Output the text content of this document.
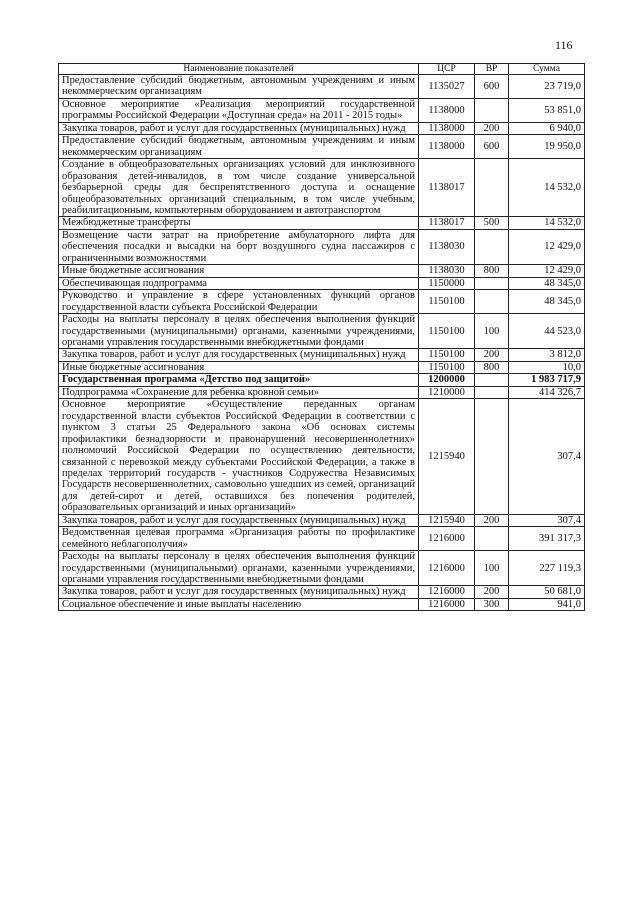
116
Наименование показателей	ЦСР	ВР	Сумма
Предоставление субсидий бюджетным, автономным учреждениям и иным некоммерческим организациям	1135027	600	23 719,0
Основное мероприятие «Реализация мероприятий государственной программы Российской Федерации «Доступная среда» на 2011 - 2015 годы»	1138000		53 851,0
Закупка товаров, работ и услуг для государственных (муниципальных) нужд	1138000	200	6 940,0
Предоставление субсидий бюджетным, автономным учреждениям и иным некоммерческим организациям	1138000	600	19 950,0
Создание в общеобразовательных организациях условий для инклюзивного образования детей-инвалидов, в том числе создание универсальной безбарьерной среды для беспрепятственного доступа и оснащение общеобразовательных организаций специальным, в том числе учебным, реабилитационным, компьютерным оборудованием и автотранспортом	1138017		14 532,0
Межбюджетные трансферты	1138017	500	14 532,0
Возмещение части затрат на приобретение амбулаторного лифта для обеспечения посадки и высадки на борт воздушного судна пассажиров с ограниченными возможностями	1138030		12 429,0
Иные бюджетные ассигнования	1138030	800	12 429,0
Обеспечивающая подпрограмма	1150000		48 345,0
Руководство и управление в сфере установленных функций органов государственной власти субъекта Российской Федерации	1150100		48 345,0
Расходы на выплаты персоналу в целях обеспечения выполнения функций государственными (муниципальными) органами, казенными учреждениями, органами управления государственными внебюджетными фондами	1150100	100	44 523,0
Закупка товаров, работ и услуг для государственных (муниципальных) нужд	1150100	200	3 812,0
Иные бюджетные ассигнования	1150100	800	10,0
Государственная программа «Детство под защитой»	1200000		1 983 717,9
Подпрограмма «Сохранение для ребенка кровной семьи»	1210000		414 326,7
Основное мероприятие «Осуществление переданных органам государственной власти субъектов Российской Федерации в соответствии с пунктом 3 статьи 25 Федерального закона «Об основах системы профилактики безнадзорности и правонарушений несовершеннолетних» полномочий Российской Федерации по осуществлению деятельности, связанной с перевозкой между субъектами Российской Федерации, а также в пределах территорий государств - участников Содружества Независимых Государств несовершеннолетних, самовольно ушедших из семей, организаций для детей-сирот и детей, оставшихся без попечения родителей, образовательных организаций и иных организаций»	1215940		307,4
Закупка товаров, работ и услуг для государственных (муниципальных) нужд	1215940	200	307,4
Ведомственная целевая программа «Организация работы по профилактике семейного неблагополучия»	1216000		391 317,3
Расходы на выплаты персоналу в целях обеспечения выполнения функций государственными (муниципальными) органами, казенными учреждениями, органами управления государственными внебюджетными фондами	1216000	100	227 119,3
Закупка товаров, работ и услуг для государственных (муниципальных) нужд	1216000	200	50 681,0
Социальное обеспечение и иные выплаты населению	1216000	300	941,0
